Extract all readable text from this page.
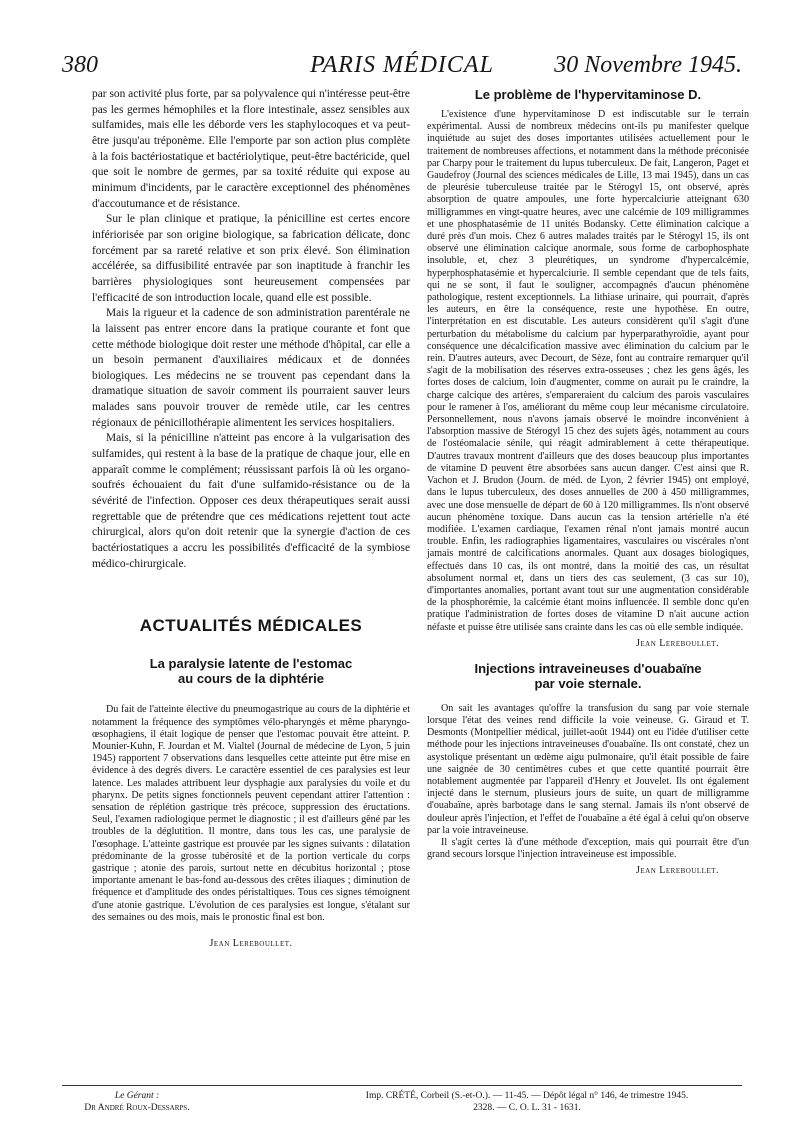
380	PARIS MÉDICAL	30 Novembre 1945.

par son activité plus forte, par sa polyvalence qui n'intéresse peut-être pas les germes hémophiles et la flore intestinale, assez sensibles aux sulfamides, mais elle les déborde vers les staphylocoques et va peut-être jusqu'au tréponème. Elle l'emporte par son action plus complète à la fois bactériostatique et bactériolytique, peut-être bactéricide, quel que soit le nombre de germes, par sa toxité réduite qui expose au minimum d'incidents, par le caractère exceptionnel des phénomènes d'accoutumance et de résistance.

Sur le plan clinique et pratique, la pénicilline est certes encore infériorisée par son origine biologique, sa fabrication délicate, donc forcément par sa rareté relative et son prix élevé. Son élimination accélérée, sa diffusibilité entravée par son inaptitude à franchir les barrières physiologiques sont heureusement compensées par l'efficacité de son introduction locale, quand elle est possible.

Mais la rigueur et la cadence de son administration parentérale ne la laissent pas entrer encore dans la pratique courante et font que cette méthode biologique doit rester une méthode d'hôpital, car elle a un besoin permanent d'auxiliaires médicaux et de données biologiques. Les médecins ne se trouvent pas cependant dans la dramatique situation de savoir comment ils pourraient sauver leurs malades sans pouvoir trouver de remède utile, car les centres régionaux de pénicillothérapie alimentent les services hospitaliers.

Mais, si la pénicilline n'atteint pas encore à la vulgarisation des sulfamides, qui restent à la base de la pratique de chaque jour, elle en apparaît comme le complément; réussissant parfois là où les organo-soufrés échouaient du fait d'une sulfamido-résistance ou de la sévérité de l'infection. Opposer ces deux thérapeutiques serait aussi regrettable que de prétendre que ces médications rejettent tout acte chirurgical, alors qu'on doit retenir que la synergie d'action de ces bactériostatiques a accru les possibilités d'efficacité de la symbiose médico-chirurgicale.

ACTUALITÉS MÉDICALES
La paralysie latente de l'estomac
au cours de la diphtérie

Du fait de l'atteinte élective du pneumogastrique au cours de la diphtérie et notamment la fréquence des symptômes vélo-pharyngés et même pharyngo-œsophagiens, il était logique de penser que l'estomac pouvait être atteint. P. Mounier-Kuhn, F. Jourdan et M. Vialtel (Journal de médecine de Lyon, 5 juin 1945) rapportent 7 observations dans lesquelles cette atteinte put être mise en évidence à des degrés divers. Le caractère essentiel de ces paralysies est leur latence. Les malades attribuent leur dysphagie aux paralysies du voile et du pharynx. De petits signes fonctionnels peuvent cependant attirer l'attention : sensation de réplétion gastrique très précoce, suppression des éructations. Seul, l'examen radiologique permet le diagnostic ; il est d'ailleurs gêné par les troubles de la déglutition. Il montre, dans tous les cas, une paralysie de l'œsophage. L'atteinte gastrique est prouvée par les signes suivants : dilatation prédominante de la grosse tubérosité et de la portion verticale du corps gastrique ; atonie des parois, surtout nette en décubitus horizontal ; ptose importante amenant le bas-fond au-dessous des crêtes iliaques ; diminution de fréquence et d'amplitude des ondes péristaltiques. Tous ces signes témoignent d'une atonie gastrique. L'évolution de ces paralysies est longue, s'étalant sur des semaines ou des mois, mais le pronostic final est bon.

Jean Lereboullet.
Le problème de l'hypervitaminose D.

L'existence d'une hypervitaminose D est indiscutable sur le terrain expérimental. Aussi de nombreux médecins ont-ils pu manifester quelque inquiétude au sujet des doses importantes utilisées actuellement pour le traitement de nombreuses affections, et notamment dans la méthode préconisée par Charpy pour le traitement du lupus tuberculeux. De fait, Langeron, Paget et Gaudefroy (Journal des sciences médicales de Lille, 13 mai 1945), dans un cas de pleurésie tuberculeuse traitée par le Stérogyl 15, ont observé, après absorption de quatre ampoules, une forte hypercalciurie atteignant 630 milligrammes en vingt-quatre heures, avec une calcémie de 109 milligrammes et une phosphatasémie de 11 unités Bodansky. Cette élimination calcique a duré près d'un mois. Chez 6 autres malades traités par le Stérogyl 15, ils ont observé une élimination calcique anormale, sous forme de carbophosphate insoluble, et, chez 3 pleurétiques, un syndrome d'hypercalcémie, hyperphosphatasémie et hypercalciurie. Il semble cependant que de tels faits, qui ne se sont, il faut le souligner, accompagnés d'aucun phénomène pathologique, restent exceptionnels. La lithiase urinaire, qui pourrait, d'après les auteurs, en être la conséquence, reste une hypothèse. En outre, l'interprétation en est discutable. Les auteurs considèrent qu'il s'agit d'une perturbation du métabolisme du calcium par hyperparathyroïdie, ayant pour conséquence une décalcification massive avec élimination du calcium par le rein. D'autres auteurs, avec Decourt, de Sèze, font au contraire remarquer qu'il s'agit de la mobilisation des réserves extra-osseuses ; chez les gens âgés, les fortes doses de calcium, loin d'augmenter, comme on aurait pu le craindre, la charge calcique des artères, s'empareraient du calcium des parois vasculaires pour le ramener à l'os, améliorant du même coup leur mécanisme circulatoire. Personnellement, nous n'avons jamais observé le moindre inconvénient à l'absorption massive de Stérogyl 15 chez des sujets âgés, notamment au cours de l'ostéomalacie sénile, qui réagit admirablement à cette thérapeutique. D'autres travaux montrent d'ailleurs que des doses beaucoup plus importantes de vitamine D peuvent être absorbées sans aucun danger. C'est ainsi que R. Vachon et J. Brudon (Journ. de méd. de Lyon, 2 février 1945) ont employé, dans le lupus tuberculeux, des doses annuelles de 200 à 450 milligrammes, avec une dose mensuelle de départ de 60 à 120 milligrammes. Ils n'ont observé aucun phénomène toxique. Dans aucun cas la tension artérielle n'a été modifiée. L'examen cardiaque, l'examen rénal n'ont jamais montré aucun trouble. Enfin, les radiographies ligamentaires, vasculaires ou viscérales n'ont jamais montré de calcifications anormales. Quant aux dosages biologiques, effectués dans 10 cas, ils ont montré, dans la moitié des cas, un résultat absolument normal et, dans un tiers des cas seulement, (3 cas sur 10), d'importantes anomalies, portant avant tout sur une augmentation considérable de la phosphorémie, la calcémie étant moins influencée. Il semble donc qu'en pratique l'administration de fortes doses de vitamine D n'ait aucune action néfaste et puisse être utilisée sans crainte dans les cas où elle semble indiquée.

Jean Lereboullet.
Injections intraveineuses d'ouabaïne
par voie sternale.

On sait les avantages qu'offre la transfusion du sang par voie sternale lorsque l'état des veines rend difficile la voie veineuse. G. Giraud et T. Desmonts (Montpellier médical, juillet-août 1944) ont eu l'idée d'utiliser cette méthode pour les injections intraveineuses d'ouabaïne. Ils ont constaté, chez un asystolique présentant un œdème aigu pulmonaire, qu'il était possible de faire une saignée de 30 centimètres cubes et que cette quantité pourrait être notablement augmentée par l'appareil d'Henry et Jouvelet. Ils ont également injecté dans le sternum, plusieurs jours de suite, un quart de milligramme d'ouabaïne, après barbotage dans le sang sternal. Jamais ils n'ont observé de douleur après l'injection, et l'effet de l'ouabaïne a été égal à celui qu'on observe par la voie intraveineuse.

Il s'agit certes là d'une méthode d'exception, mais qui pourrait être d'un grand secours lorsque l'injection intraveineuse est impossible.

Jean Lereboullet.
Le Gérant :
Dr André Roux-Dessarps.
Imp. CRÉTÉ, Corbeil (S.-et-O.). — 11-45. — Dépôt légal n° 146, 4e trimestre 1945.
2328. — C. O. L. 31 - 1631.
